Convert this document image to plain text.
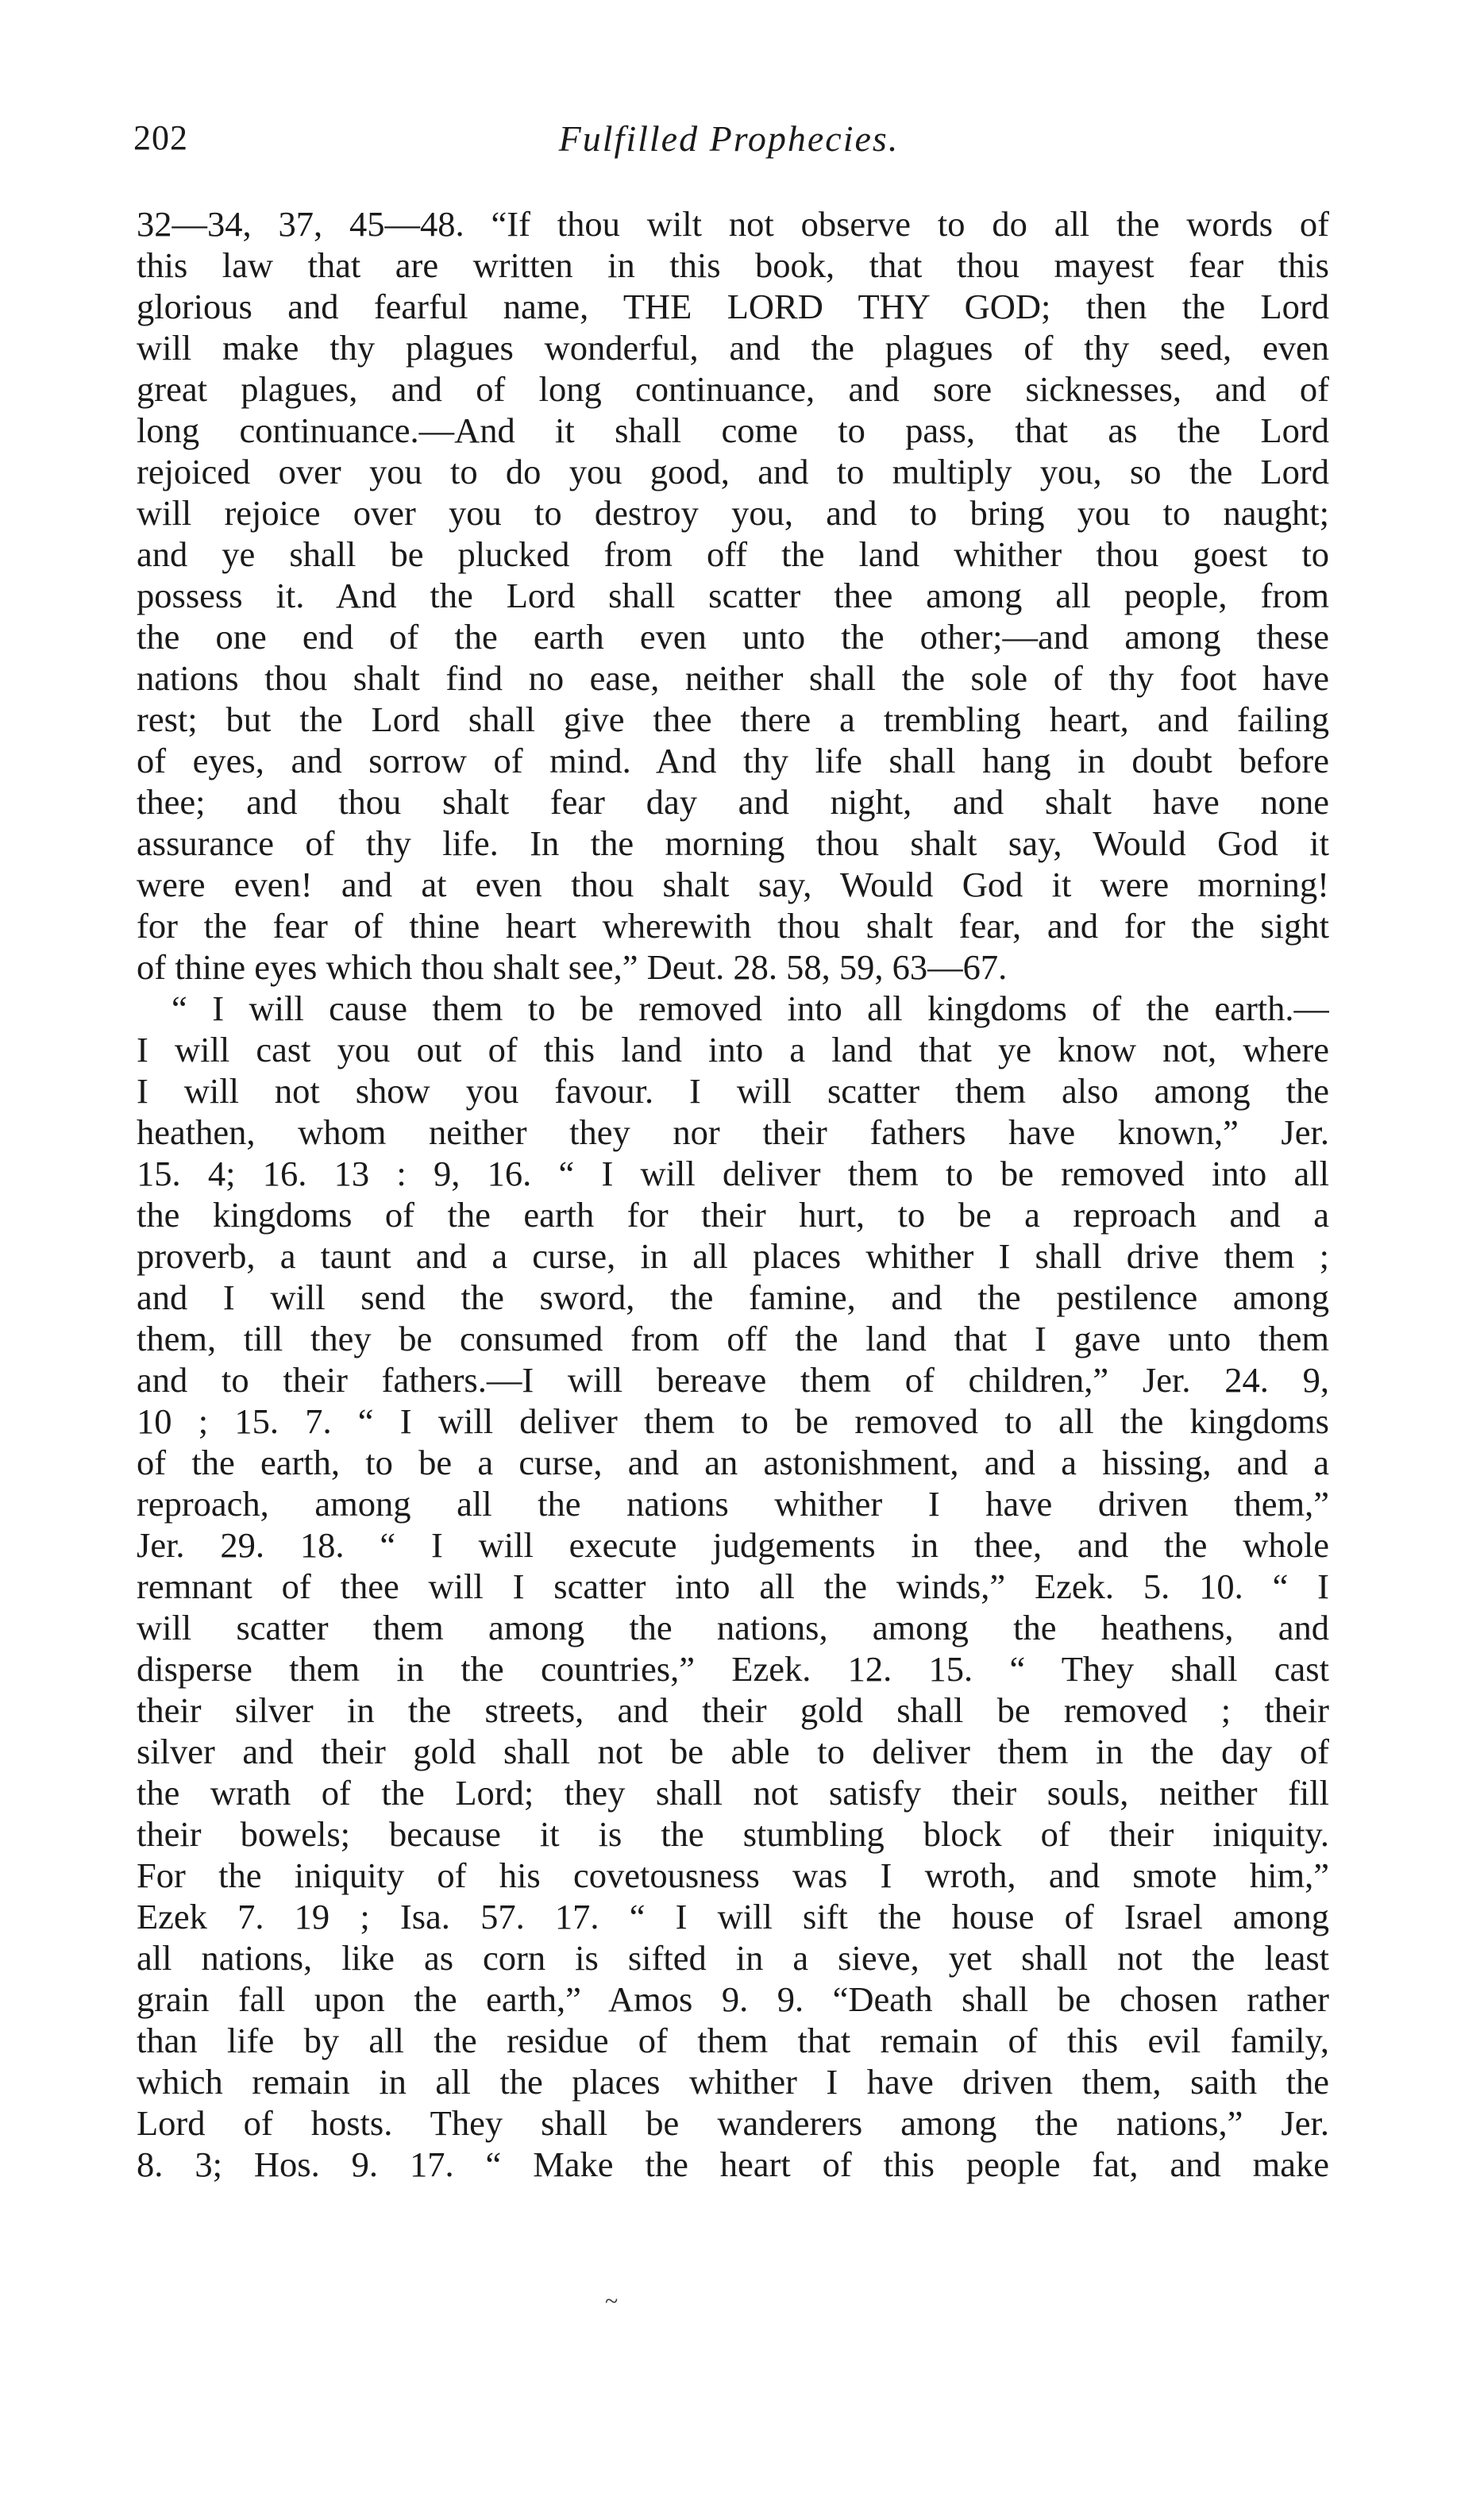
202	Fulfilled Prophecies.
32—34, 37, 45—48. “If thou wilt not observe to do all the words of
this law that are written in this book, that thou mayest fear this
glorious and fearful name, THE LORD THY GOD; then the Lord
will make thy plagues wonderful, and the plagues of thy seed, even
great plagues, and of long continuance, and sore sicknesses, and of
long continuance.—And it shall come to pass, that as the Lord
rejoiced over you to do you good, and to multiply you, so the Lord
will rejoice over you to destroy you, and to bring you to naught;
and ye shall be plucked from off the land whither thou goest to
possess it. And the Lord shall scatter thee among all people, from
the one end of the earth even unto the other;—and among these
nations thou shalt find no ease, neither shall the sole of thy foot have
rest; but the Lord shall give thee there a trembling heart, and failing
of eyes, and sorrow of mind. And thy life shall hang in doubt before
thee; and thou shalt fear day and night, and shalt have none
assurance of thy life. In the morning thou shalt say, Would God it
were even! and at even thou shalt say, Would God it were morning!
for the fear of thine heart wherewith thou shalt fear, and for the sight
of thine eyes which thou shalt see,” Deut. 28. 58, 59, 63—67.
“ I will cause them to be removed into all kingdoms of the earth.—
I will cast you out of this land into a land that ye know not, where
I will not show you favour. I will scatter them also among the
heathen, whom neither they nor their fathers have known,” Jer.
15. 4; 16. 13 : 9, 16. “ I will deliver them to be removed into all
the kingdoms of the earth for their hurt, to be a reproach and a
proverb, a taunt and a curse, in all places whither I shall drive them ;
and I will send the sword, the famine, and the pestilence among
them, till they be consumed from off the land that I gave unto them
and to their fathers.—I will bereave them of children,” Jer. 24. 9,
10 ; 15. 7. “ I will deliver them to be removed to all the kingdoms
of the earth, to be a curse, and an astonishment, and a hissing, and a
reproach, among all the nations whither I have driven them,”
Jer. 29. 18. “ I will execute judgements in thee, and the whole
remnant of thee will I scatter into all the winds,” Ezek. 5. 10. “ I
will scatter them among the nations, among the heathens, and
disperse them in the countries,” Ezek. 12. 15. “ They shall cast
their silver in the streets, and their gold shall be removed ; their
silver and their gold shall not be able to deliver them in the day of
the wrath of the Lord; they shall not satisfy their souls, neither fill
their bowels; because it is the stumbling block of their iniquity.
For the iniquity of his covetousness was I wroth, and smote him,”
Ezek 7. 19 ; Isa. 57. 17. “ I will sift the house of Israel among
all nations, like as corn is sifted in a sieve, yet shall not the least
grain fall upon the earth,” Amos 9. 9. “Death shall be chosen rather
than life by all the residue of them that remain of this evil family,
which remain in all the places whither I have driven them, saith the
Lord of hosts. They shall be wanderers among the nations,” Jer.
8. 3; Hos. 9. 17. “ Make the heart of this people fat, and make
~
